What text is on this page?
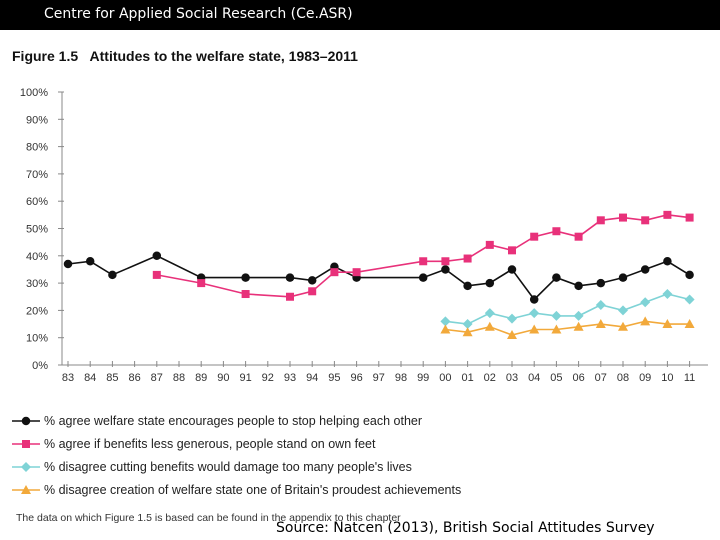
Centre for Applied Social Research (Ce.ASR)
Figure 1.5 Attitudes to the welfare state, 1983–2011
0%
10%
20%
30%
40%
50%
60%
70%
80%
90%
100%
83 84 85 86 87 88 89 90 91 92 93 94 95 96 97 98 99 00 01 02 03 04 05 06 07 08 09 10 11
% agree welfare state encourages people to stop helping each other
% agree if benefits less generous, people stand on own feet
% disagree cutting benefits would damage too many people's lives
% disagree creation of welfare state one of Britain's proudest achievements
The data on which Figure 1.5 is based can be found in the appendix to this chapter
Source: Natcen (2013), British Social Attitudes Survey
